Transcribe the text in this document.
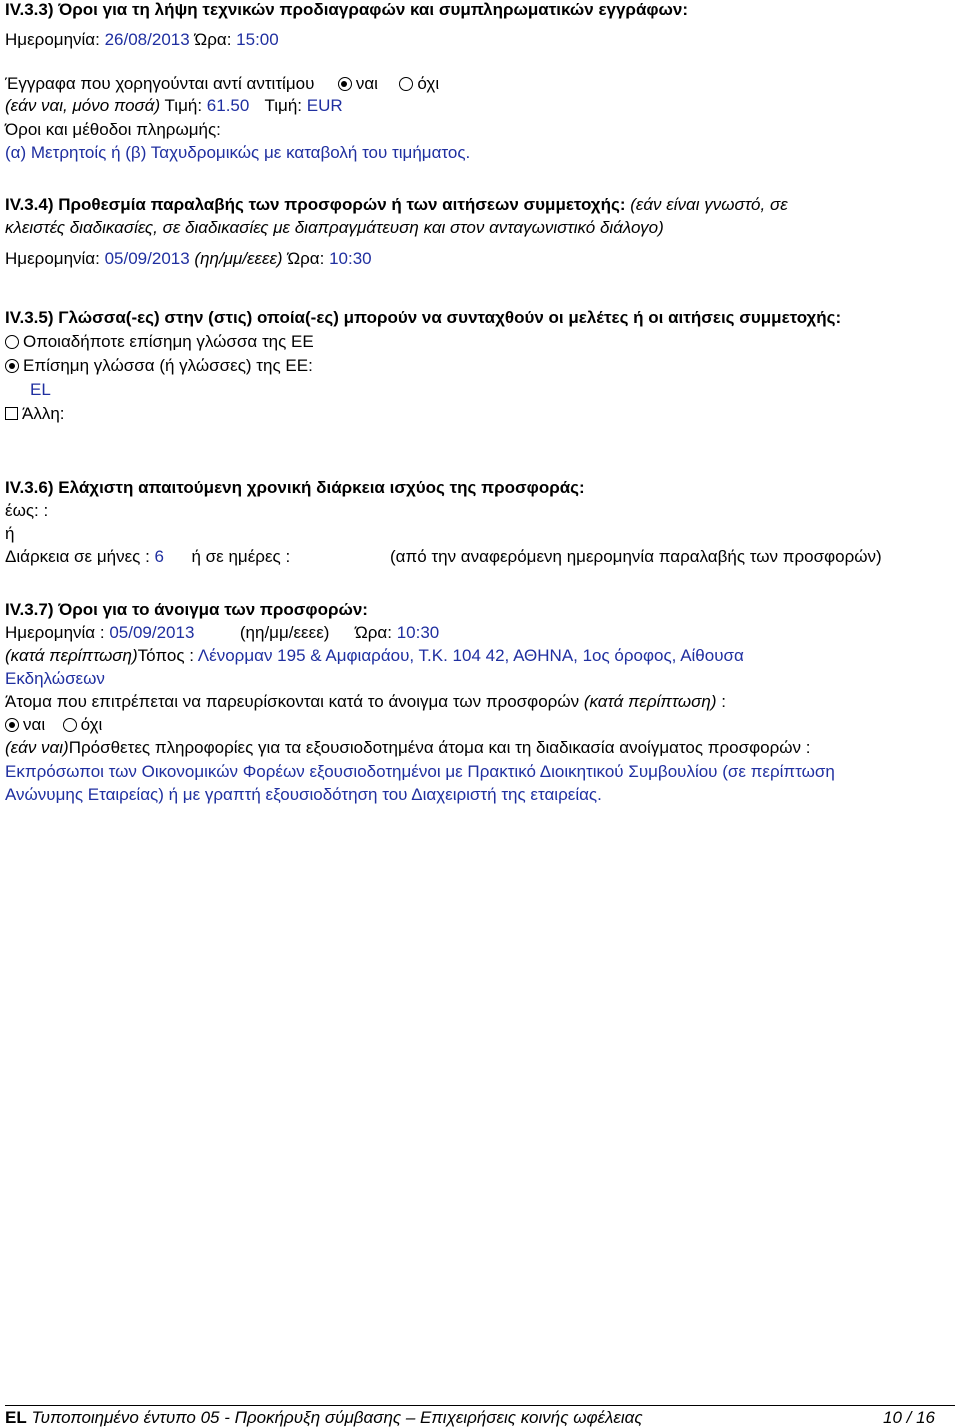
IV.3.3) Όροι για τη λήψη τεχνικών προδιαγραφών και συμπληρωματικών εγγράφων:
Ημερομηνία: 26/08/2013 Ώρα: 15:00
Έγγραφα που χορηγούνται αντί αντιτίμου ναι όχι
(εάν ναι, μόνο ποσά) Τιμή: 61.50 Τιμή: EUR
Όροι και μέθοδοι πληρωμής:
(α) Μετρητοίς ή (β) Ταχυδρομικώς με καταβολή του τιμήματος.
IV.3.4) Προθεσμία παραλαβής των προσφορών ή των αιτήσεων συμμετοχής: (εάν είναι γνωστό, σε
κλειστές διαδικασίες, σε διαδικασίες με διαπραγμάτευση και στον ανταγωνιστικό διάλογο)
Ημερομηνία: 05/09/2013 (ηη/μμ/εεεε) Ώρα: 10:30
IV.3.5) Γλώσσα(-ες) στην (στις) οποία(-ες) μπορούν να συνταχθούν οι μελέτες ή οι αιτήσεις συμμετοχής:
Οποιαδήποτε επίσημη γλώσσα της ΕΕ
Επίσημη γλώσσα (ή γλώσσες) της ΕΕ:
EL
Άλλη:
IV.3.6) Ελάχιστη απαιτούμενη χρονική διάρκεια ισχύος της προσφοράς:
έως: :
ή
Διάρκεια σε μήνες : 6 ή σε ημέρες :	(από την αναφερόμενη ημερομηνία παραλαβής των προσφορών)
IV.3.7) Όροι για το άνοιγμα των προσφορών:
Ημερομηνία : 05/09/2013	(ηη/μμ/εεεε) Ώρα: 10:30
(κατά περίπτωση)Τόπος : Λένορμαν 195 & Αμφιαράου, Τ.Κ. 104 42, ΑΘΗΝΑ, 1ος όροφος, Αίθουσα
Εκδηλώσεων
Άτομα που επιτρέπεται να παρευρίσκονται κατά το άνοιγμα των προσφορών (κατά περίπτωση) :
ναι όχι
(εάν ναι)Πρόσθετες πληροφορίες για τα εξουσιοδοτημένα άτομα και τη διαδικασία ανοίγματος προσφορών :
Εκπρόσωποι των Οικονομικών Φορέων εξουσιοδοτημένοι με Πρακτικό Διοικητικού Συμβουλίου (σε περίπτωση
Ανώνυμης Εταιρείας) ή με γραπτή εξουσιοδότηση του Διαχειριστή της εταιρείας.
EL Τυποποιημένο έντυπο 05 - Προκήρυξη σύμβασης – Επιχειρήσεις κοινής ωφέλειας	10 / 16
